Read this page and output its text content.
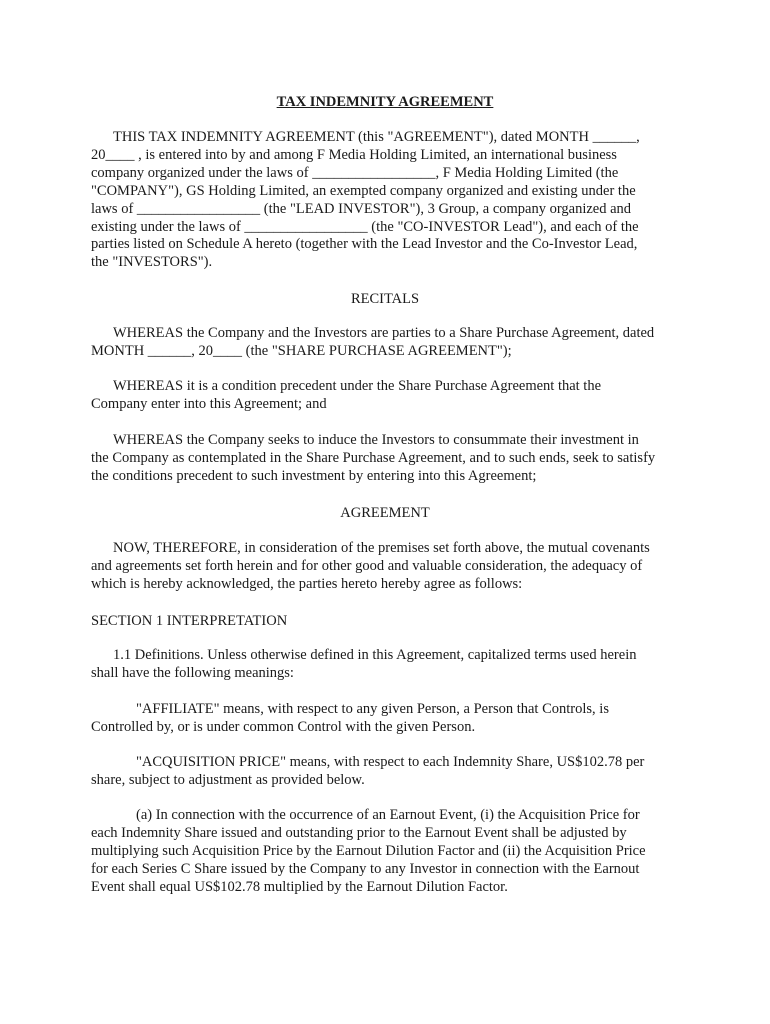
TAX INDEMNITY AGREEMENT
THIS TAX INDEMNITY AGREEMENT (this "AGREEMENT"), dated MONTH ______,
20____ , is entered into by and among F Media Holding Limited, an international business
company organized under the laws of _________________, F Media Holding Limited (the
"COMPANY"), GS Holding Limited, an exempted company organized and existing under the
laws of _________________ (the "LEAD INVESTOR"), 3 Group, a company organized and
existing under the laws of _________________ (the "CO-INVESTOR Lead"), and each of the
parties listed on Schedule A hereto (together with the Lead Investor and the Co-Investor Lead,
the "INVESTORS").
RECITALS
WHEREAS the Company and the Investors are parties to a Share Purchase Agreement, dated
MONTH ______, 20____ (the "SHARE PURCHASE AGREEMENT");
WHEREAS it is a condition precedent under the Share Purchase Agreement that the
Company enter into this Agreement; and
WHEREAS the Company seeks to induce the Investors to consummate their investment in
the Company as contemplated in the Share Purchase Agreement, and to such ends, seek to satisfy
the conditions precedent to such investment by entering into this Agreement;
AGREEMENT
NOW, THEREFORE, in consideration of the premises set forth above, the mutual covenants
and agreements set forth herein and for other good and valuable consideration, the adequacy of
which is hereby acknowledged, the parties hereto hereby agree as follows:
SECTION 1 INTERPRETATION
1.1 Definitions. Unless otherwise defined in this Agreement, capitalized terms used herein
shall have the following meanings:
"AFFILIATE" means, with respect to any given Person, a Person that Controls, is
Controlled by, or is under common Control with the given Person.
"ACQUISITION PRICE" means, with respect to each Indemnity Share, US$102.78 per
share, subject to adjustment as provided below.
(a) In connection with the occurrence of an Earnout Event, (i) the Acquisition Price for
each Indemnity Share issued and outstanding prior to the Earnout Event shall be adjusted by
multiplying such Acquisition Price by the Earnout Dilution Factor and (ii) the Acquisition Price
for each Series C Share issued by the Company to any Investor in connection with the Earnout
Event shall equal US$102.78 multiplied by the Earnout Dilution Factor.
